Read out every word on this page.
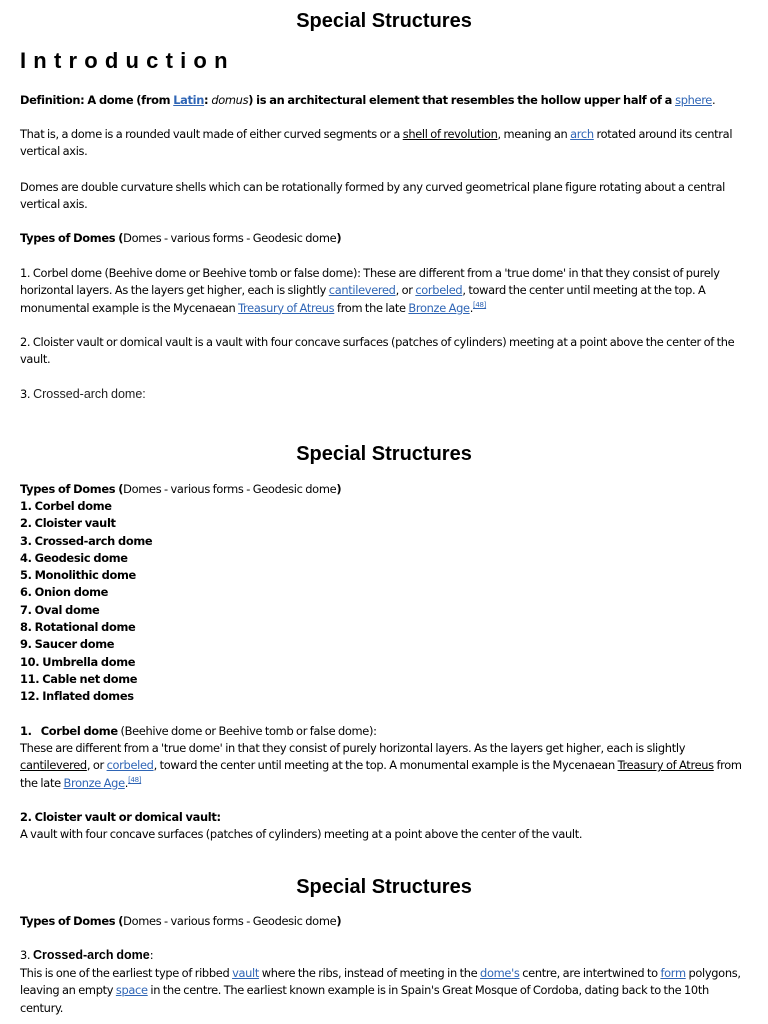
Special Structures
Introduction

Definition: A dome (from Latin: domus) is an architectural element that resembles the hollow upper half of a sphere.

That is, a dome is a rounded vault made of either curved segments or a shell of revolution, meaning an arch rotated around its central vertical axis.

Domes are double curvature shells which can be rotationally formed by any curved geometrical plane figure rotating about a central vertical axis.

Types of Domes (Domes - various forms - Geodesic dome)

1. Corbel dome (Beehive dome or Beehive tomb or false dome): These are different from a 'true dome' in that they consist of purely horizontal layers. As the layers get higher, each is slightly cantilevered, or corbeled, toward the center until meeting at the top. A monumental example is the Mycenaean Treasury of Atreus from the late Bronze Age.[48]

2. Cloister vault or domical vault is a vault with four concave surfaces (patches of cylinders) meeting at a point above the center of the vault.

3. Crossed-arch dome:

Special Structures

Types of Domes (Domes - various forms - Geodesic dome)

1. Corbel dome
2. Cloister vault
3. Crossed-arch dome
4. Geodesic dome
5. Monolithic dome
6. Onion dome
7. Oval dome
8. Rotational dome
9. Saucer dome
10. Umbrella dome
11. Cable net dome
12. Inflated domes

1.   Corbel dome (Beehive dome or Beehive tomb or false dome):

These are different from a 'true dome' in that they consist of purely horizontal layers. As the layers get higher, each is slightly cantilevered, or corbeled, toward the center until meeting at the top. A monumental example is the Mycenaean Treasury of Atreus from the late Bronze Age.[48]

2. Cloister vault or domical vault:

A vault with four concave surfaces (patches of cylinders) meeting at a point above the center of the vault.

Special Structures

Types of Domes (Domes - various forms - Geodesic dome)

3. Crossed-arch dome:

This is one of the earliest type of ribbed vault where the ribs, instead of meeting in the dome's centre, are intertwined to form polygons, leaving an empty space in the centre. The earliest known example is in Spain's Great Mosque of Cordoba, dating back to the 10th century.
